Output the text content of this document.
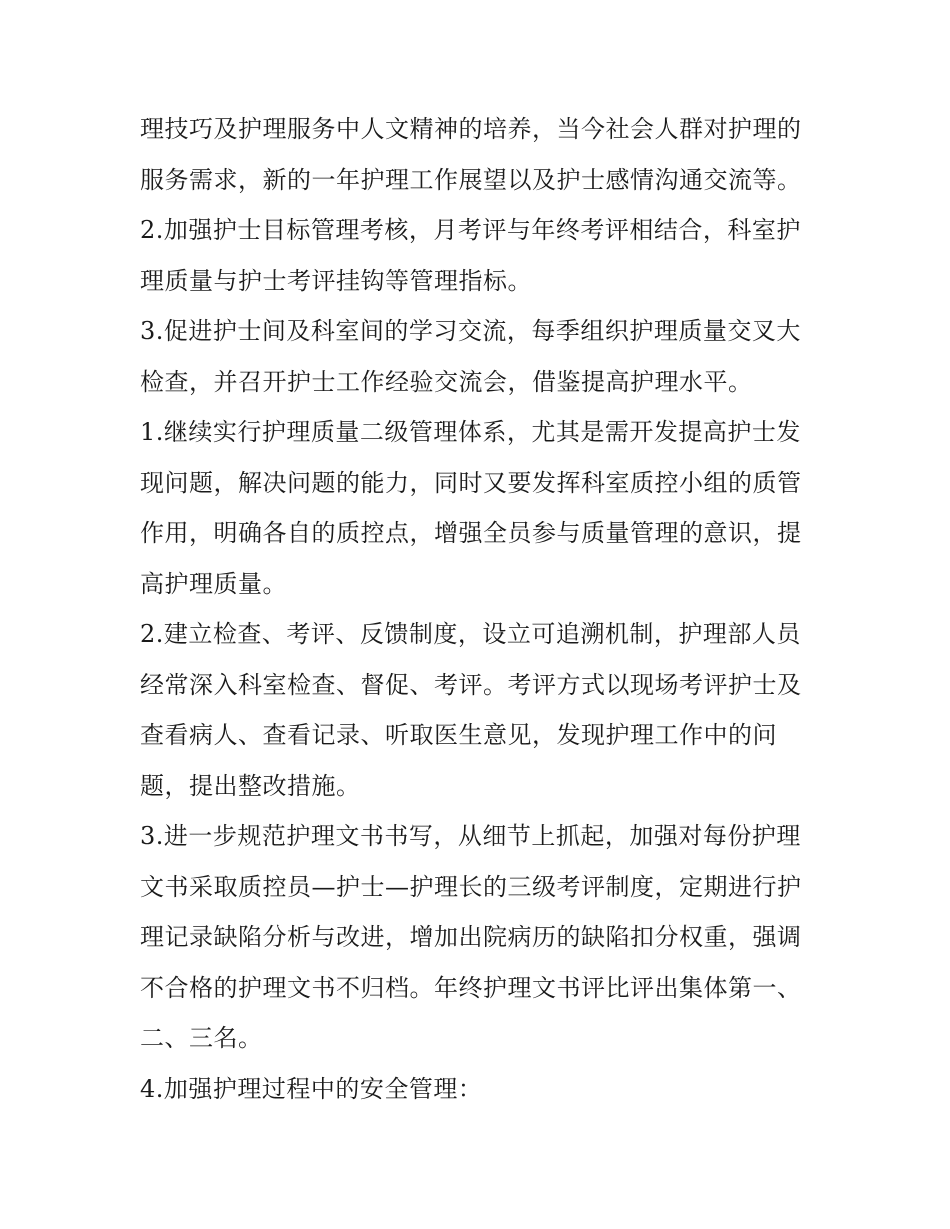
理技巧及护理服务中人文精神的培养，当今社会人群对护理的
服务需求，新的一年护理工作展望以及护士感情沟通交流等。
2.加强护士目标管理考核，月考评与年终考评相结合，科室护
理质量与护士考评挂钩等管理指标。
3.促进护士间及科室间的学习交流，每季组织护理质量交叉大
检查，并召开护士工作经验交流会，借鉴提高护理水平。
1.继续实行护理质量二级管理体系，尤其是需开发提高护士发
现问题，解决问题的能力，同时又要发挥科室质控小组的质管
作用，明确各自的质控点，增强全员参与质量管理的意识，提
高护理质量。
2.建立检查、考评、反馈制度，设立可追溯机制，护理部人员
经常深入科室检查、督促、考评。考评方式以现场考评护士及
查看病人、查看记录、听取医生意见，发现护理工作中的问
题，提出整改措施。
3.进一步规范护理文书书写，从细节上抓起，加强对每份护理
文书采取质控员—护士—护理长的三级考评制度，定期进行护
理记录缺陷分析与改进，增加出院病历的缺陷扣分权重，强调
不合格的护理文书不归档。年终护理文书评比评出集体第一、
二、三名。
4.加强护理过程中的安全管理：
